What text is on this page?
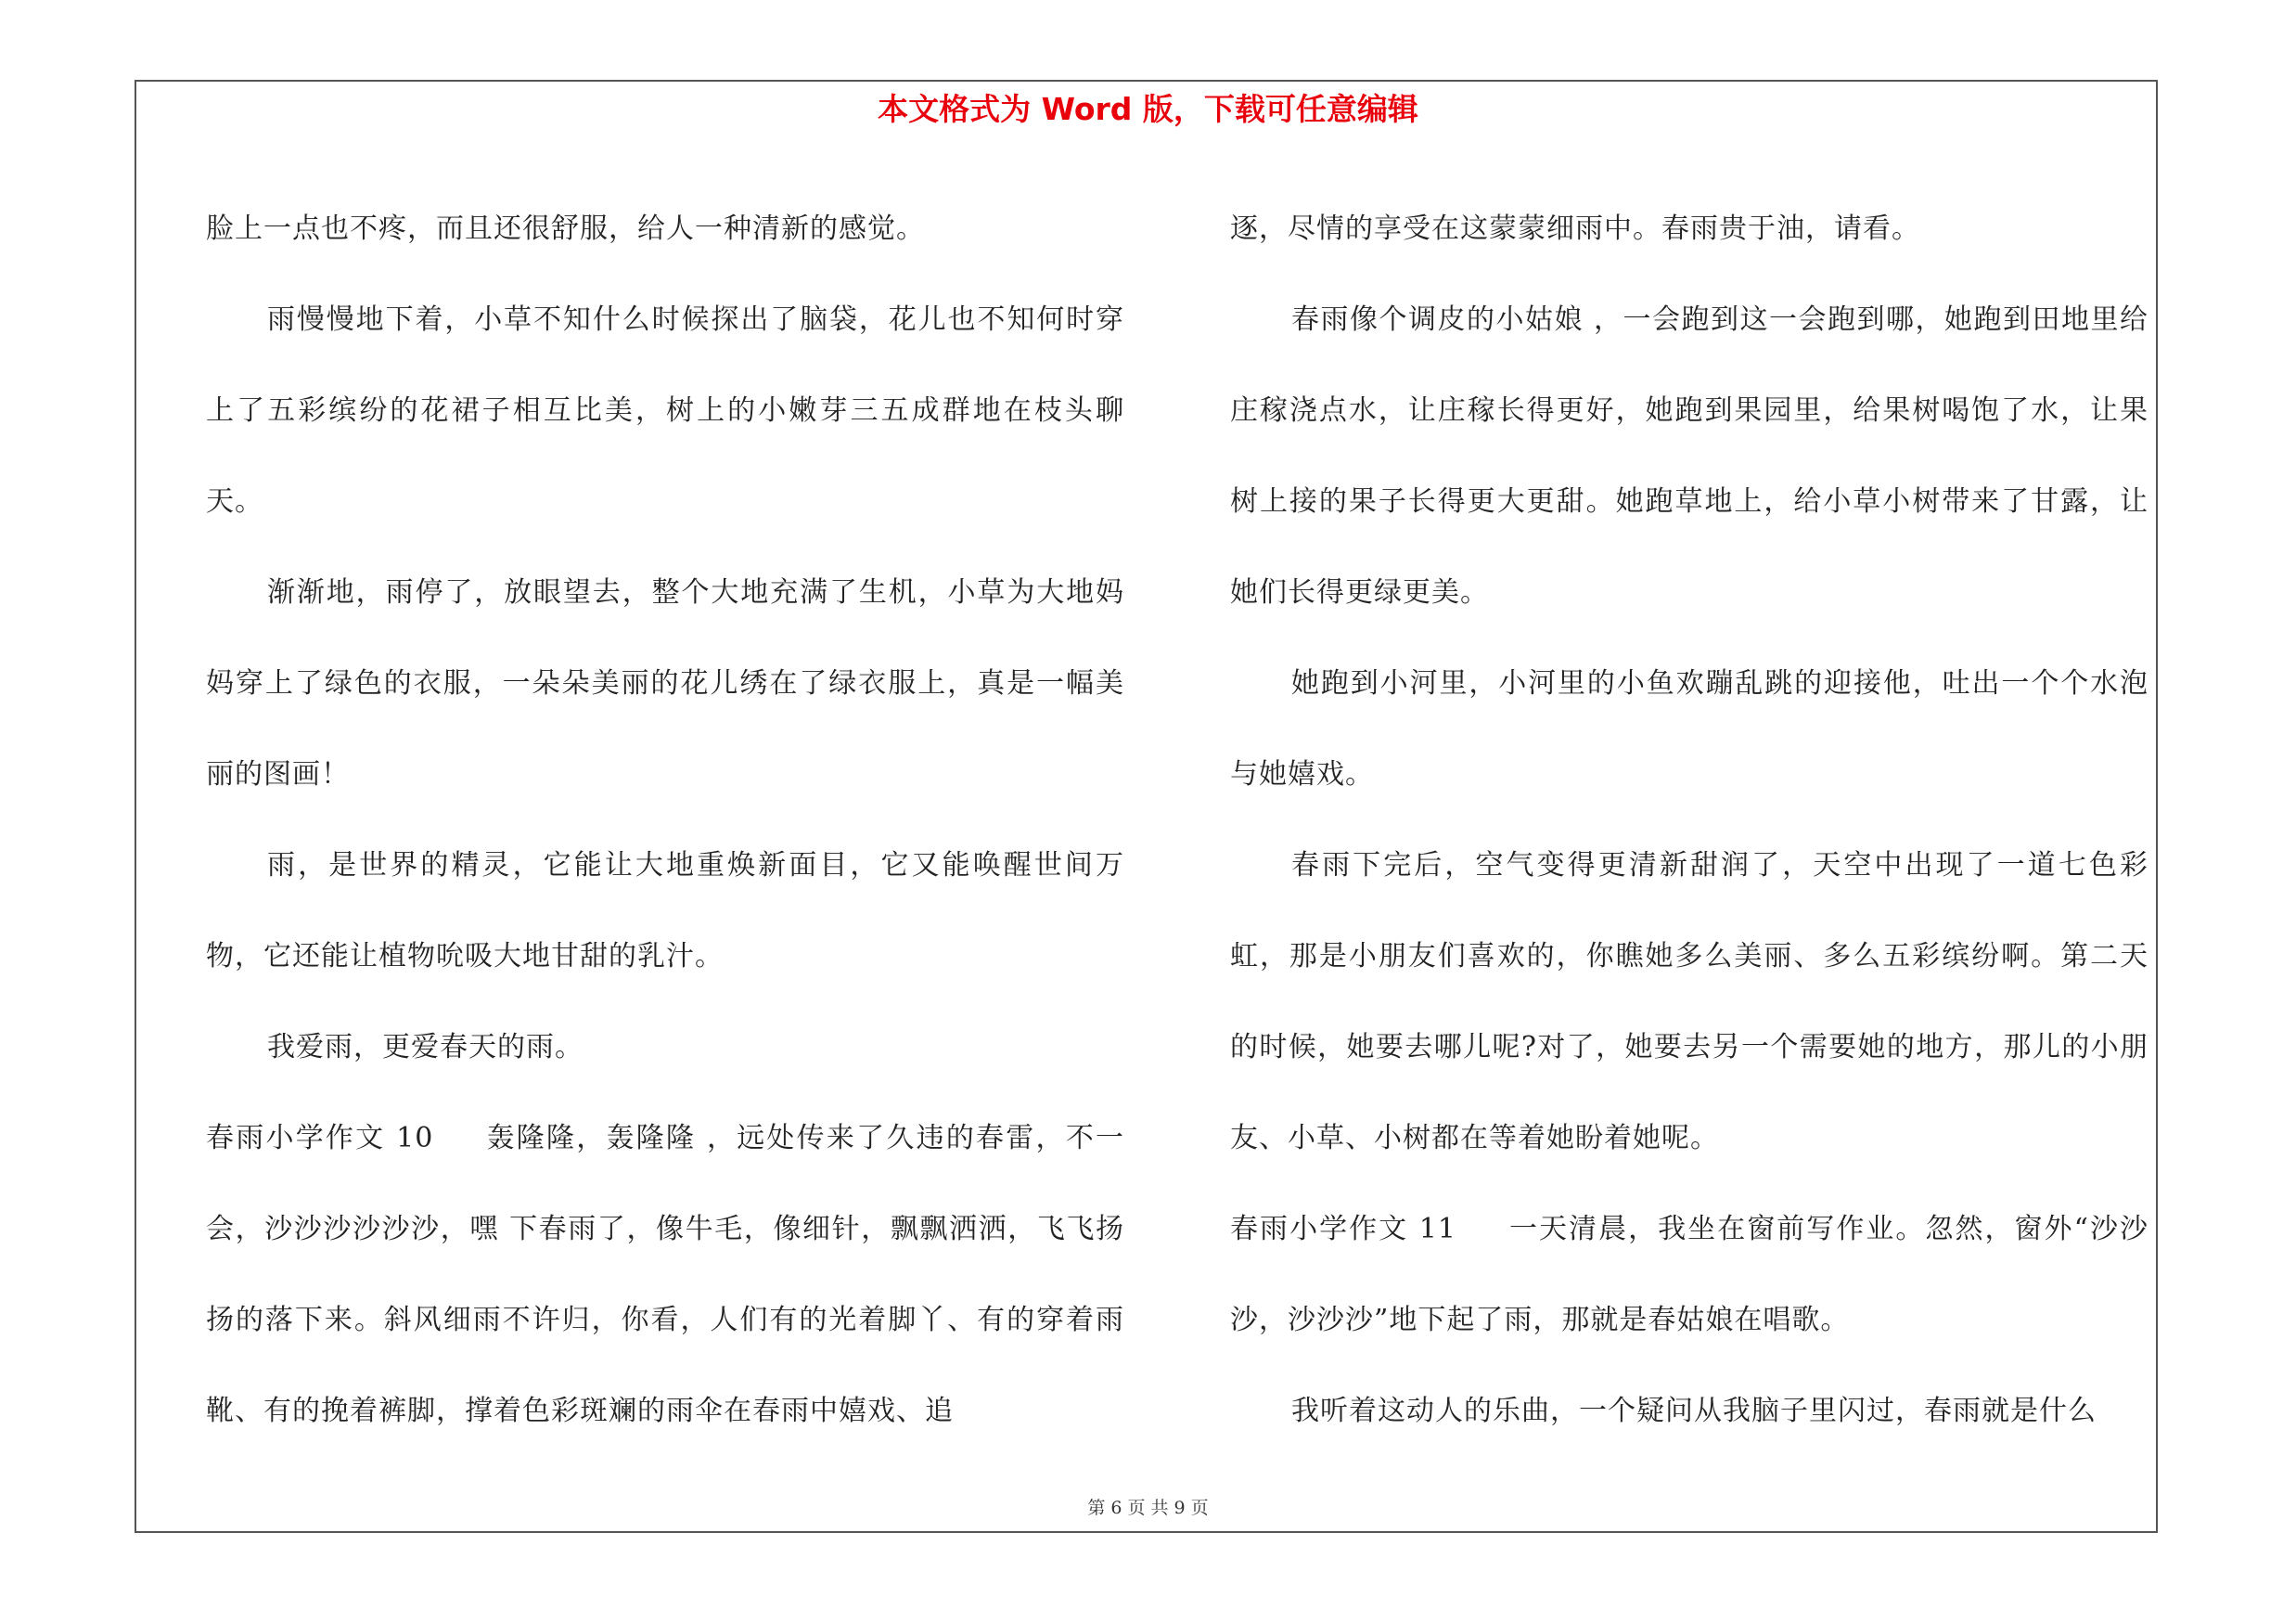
本文格式为 Word 版，下载可任意编辑

脸上一点也不疼，而且还很舒服，给人一种清新的感觉。

雨慢慢地下着，小草不知什么时候探出了脑袋，花儿也不知何时穿上了五彩缤纷的花裙子相互比美，树上的小嫩芽三五成群地在枝头聊天。

渐渐地，雨停了，放眼望去，整个大地充满了生机，小草为大地妈妈穿上了绿色的衣服，一朵朵美丽的花儿绣在了绿衣服上，真是一幅美丽的图画！

雨，是世界的精灵，它能让大地重焕新面目，它又能唤醒世间万物，它还能让植物吮吸大地甘甜的乳汁。

我爱雨，更爱春天的雨。

春雨小学作文 10 轰隆隆，轰隆隆 ，远处传来了久违的春雷，不一会，沙沙沙沙沙沙，嘿 下春雨了，像牛毛，像细针，飘飘洒洒，飞飞扬扬的落下来。斜风细雨不许归，你看，人们有的光着脚丫、有的穿着雨靴、有的挽着裤脚，撑着色彩斑斓的雨伞在春雨中嬉戏、追

逐，尽情的享受在这蒙蒙细雨中。春雨贵于油，请看。

春雨像个调皮的小姑娘 ，一会跑到这一会跑到哪，她跑到田地里给庄稼浇点水，让庄稼长得更好，她跑到果园里，给果树喝饱了水，让果树上接的果子长得更大更甜。她跑草地上，给小草小树带来了甘露，让她们长得更绿更美。

她跑到小河里，小河里的小鱼欢蹦乱跳的迎接他，吐出一个个水泡与她嬉戏。

春雨下完后，空气变得更清新甜润了，天空中出现了一道七色彩虹，那是小朋友们喜欢的，你瞧她多么美丽、多么五彩缤纷啊。第二天的时候，她要去哪儿呢?对了，她要去另一个需要她的地方，那儿的小朋友、小草、小树都在等着她盼着她呢。

春雨小学作文 11 一天清晨，我坐在窗前写作业。忽然，窗外“沙沙沙，沙沙沙”地下起了雨，那就是春姑娘在唱歌。

我听着这动人的乐曲，一个疑问从我脑子里闪过，春雨就是什么

第 6 页 共 9 页
